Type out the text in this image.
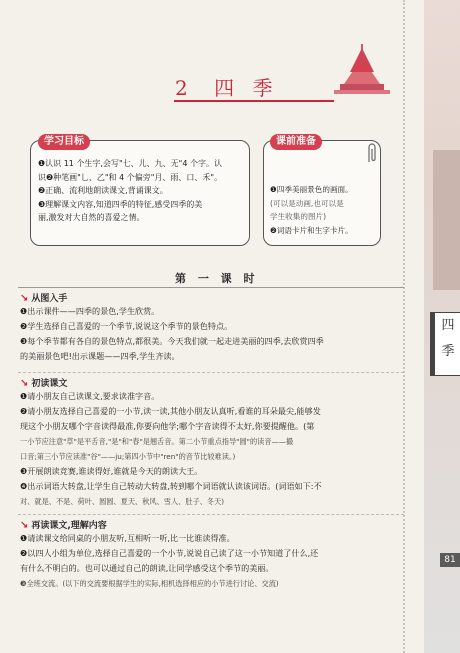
2 四 季
学习目标
❶认识 11 个生字,会写"七、儿、九、无"4 个字。认
识❷种笔画"乚、乙"和 4 个偏旁"月、雨、口、禾"。
❷正确、流利地朗读课文,背诵课文。
❸理解课文内容,知道四季的特征,感受四季的美
丽,激发对大自然的喜爱之情。
课前准备
❶四季美丽景色的画面。
(可以是动画,也可以是
学生收集的图片)
❷词语卡片和生字卡片。
第 一 课 时
↘ 从图入手
❶出示课件——四季的景色,学生欣赏。
❷学生选择自己喜爱的一个季节,说说这个季节的景色特点。
❸每个季节都有各自的景色特点,都很美。今天我们就一起走进美丽的四季,去欣赏四季
的美丽景色吧!出示课题——四季,学生齐读。
↘ 初读课文
❶请小朋友自己读课文,要求读准字音。
❷请小朋友选择自己喜爱的一小节,读一读,其他小朋友认真听,看谁的耳朵最尖,能够发
现这个小朋友哪个字音读得最准,你要向他学;哪个字音读得不太好,你要提醒他。(第
一小节应注意"草"是平舌音,"是"和"春"是翘舌音。第二小节重点指导"圆"的读音——撮
口音;第三小节应读准"谷"——ju;第四小节中"ren"的音节比较难读。)
❸开展朗读竞赛,谁读得好,谁就是今天的朗读大王。
❹出示词语大转盘,让学生自己转动大转盘,转到哪个词语就认读该词语。(词语如下:不
对、就是、不是、荷叶、圆圆、夏天、秋风、雪人、肚子、冬天)
↘ 再读课文,理解内容
❶请读课文给同桌的小朋友听,互相听一听,比一比谁读得准。
❷以四人小组为单位,选择自己喜爱的一个小节,说说自己读了这一小节知道了什么,还
有什么不明白的。也可以通过自己的朗读,让同学感受这个季节的美丽。
❸全班交流。(以下的交流要根据学生的实际,相机选择相应的小节进行讨论、交流)
四
季
81
